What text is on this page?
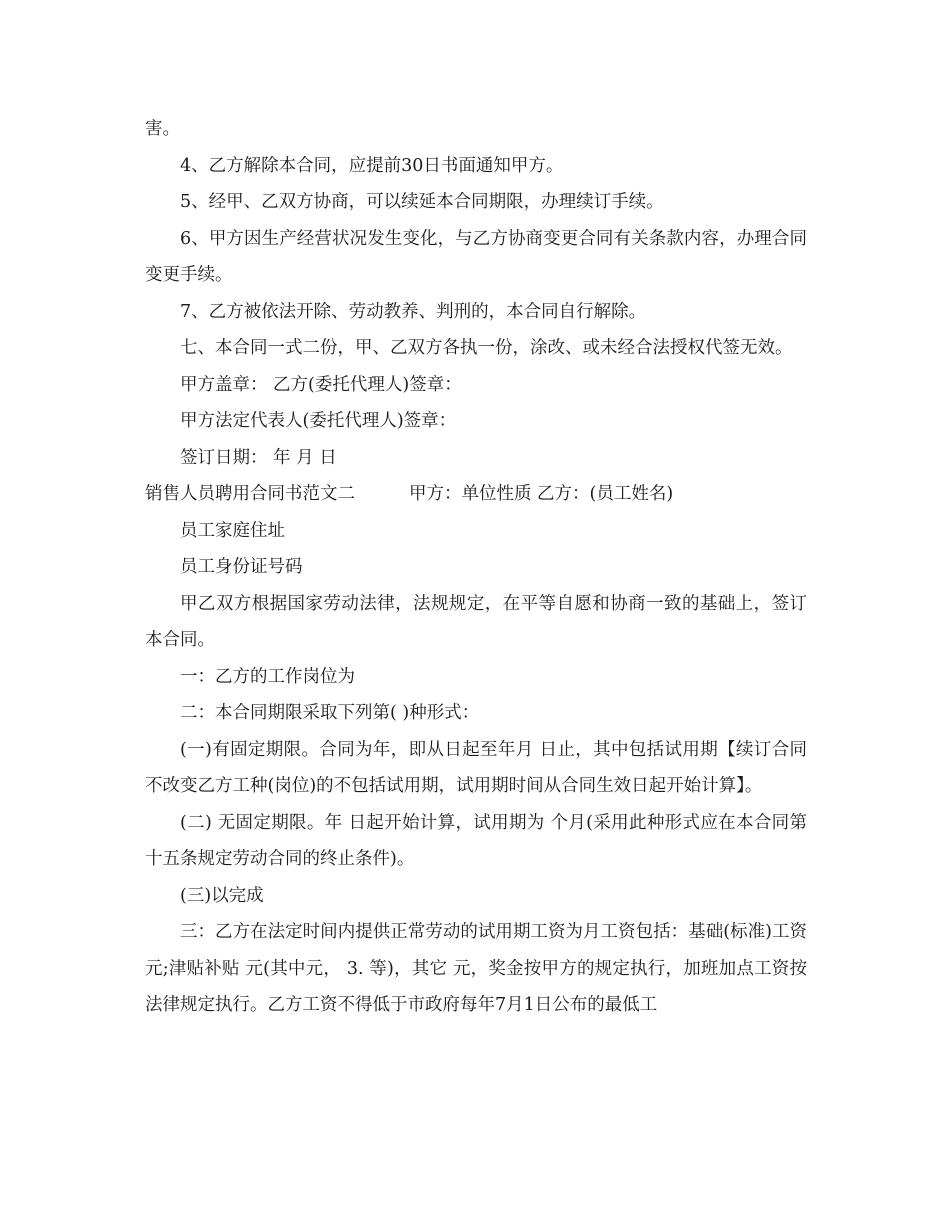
害。

4、乙方解除本合同，应提前30日书面通知甲方。

5、经甲、乙双方协商，可以续延本合同期限，办理续订手续。

6、甲方因生产经营状况发生变化，与乙方协商变更合同有关条款内容，办理合同变更手续。

7、乙方被依法开除、劳动教养、判刑的，本合同自行解除。

七、本合同一式二份，甲、乙双方各执一份，涂改、或未经合法授权代签无效。

甲方盖章： 乙方(委托代理人)签章：

甲方法定代表人(委托代理人)签章：

签订日期： 年 月 日

销售人员聘用合同书范文二	甲方：单位性质 乙方：(员工姓名)

员工家庭住址

员工身份证号码

甲乙双方根据国家劳动法律，法规规定，在平等自愿和协商一致的基础上，签订本合同。

一：乙方的工作岗位为

二：本合同期限采取下列第( )种形式：

(一)有固定期限。合同为年，即从日起至年月 日止，其中包括试用期【续订合同不改变乙方工种(岗位)的不包括试用期，试用期时间从合同生效日起开始计算】。

(二) 无固定期限。年 日起开始计算，试用期为 个月(采用此种形式应在本合同第十五条规定劳动合同的终止条件)。

(三)以完成

三：乙方在法定时间内提供正常劳动的试用期工资为月工资包括：基础(标准)工资 元;津贴补贴 元(其中元， 3. 等)，其它 元，奖金按甲方的规定执行，加班加点工资按法律规定执行。乙方工资不得低于市政府每年7月1日公布的最低工
